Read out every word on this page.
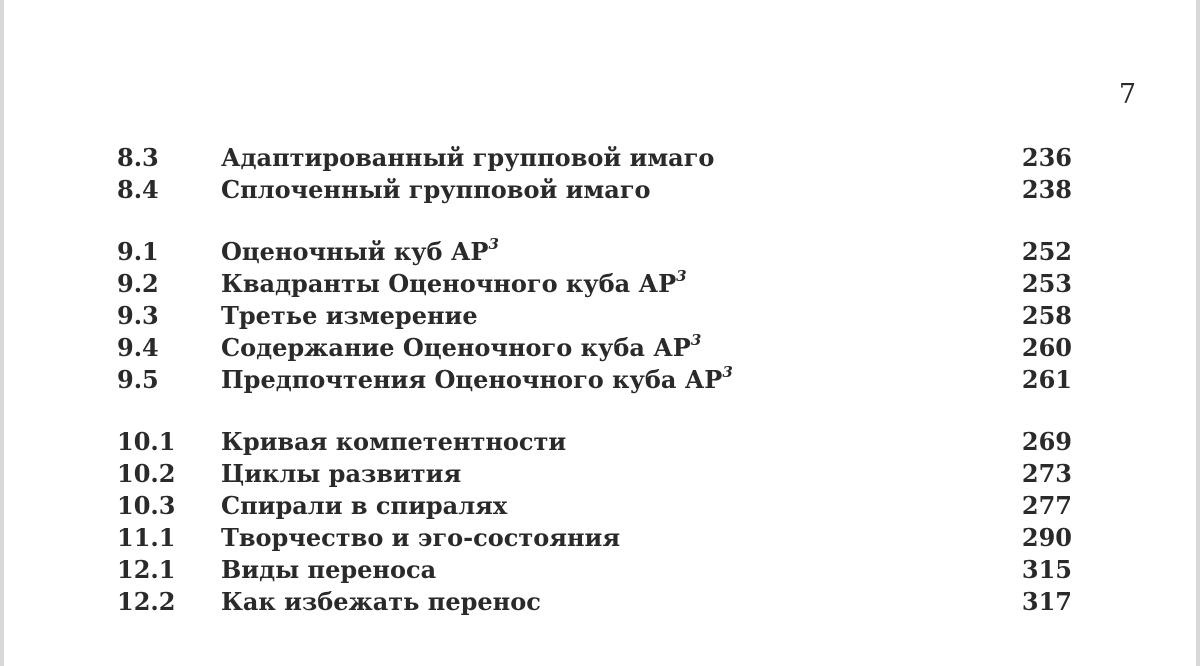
7
8.3	Адаптированный групповой имаго	236
8.4	Сплоченный групповой имаго	238
9.1	Оценочный куб $АР^3$	252
9.2	Квадранты Оценочного куба $АР^3$	253
9.3	Третье измерение	258
9.4	Содержание Оценочного куба $АР^3$	260
9.5	Предпочтения Оценочного куба $АР^3$	261
10.1	Кривая компетентности	269
10.2	Циклы развития	273
10.3	Спирали в спиралях	277
11.1	Творчество и эго-состояния	290
12.1	Виды переноса	315
12.2	Как избежать перенос	317
